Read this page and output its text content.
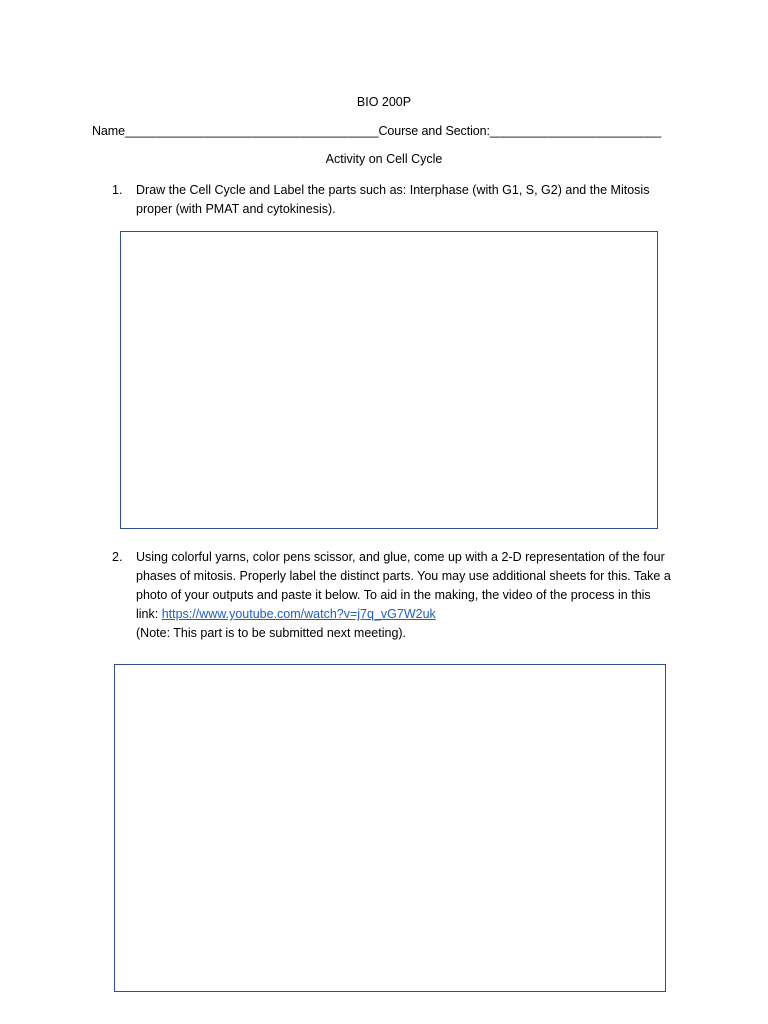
BIO 200P
Name_____________________________________Course and Section:_________________________
Activity on Cell Cycle
1. Draw the Cell Cycle and Label the parts such as: Interphase (with G1, S, G2) and the Mitosis proper (with PMAT and cytokinesis).
2. Using colorful yarns, color pens scissor, and glue, come up with a 2-D representation of the four
phases of mitosis. Properly label the distinct parts. You may use additional sheets for this. Take a
photo of your outputs and paste it below. To aid in the making, the video of the process in this
link: https://www.youtube.com/watch?v=j7q_vG7W2uk
(Note: This part is to be submitted next meeting).
